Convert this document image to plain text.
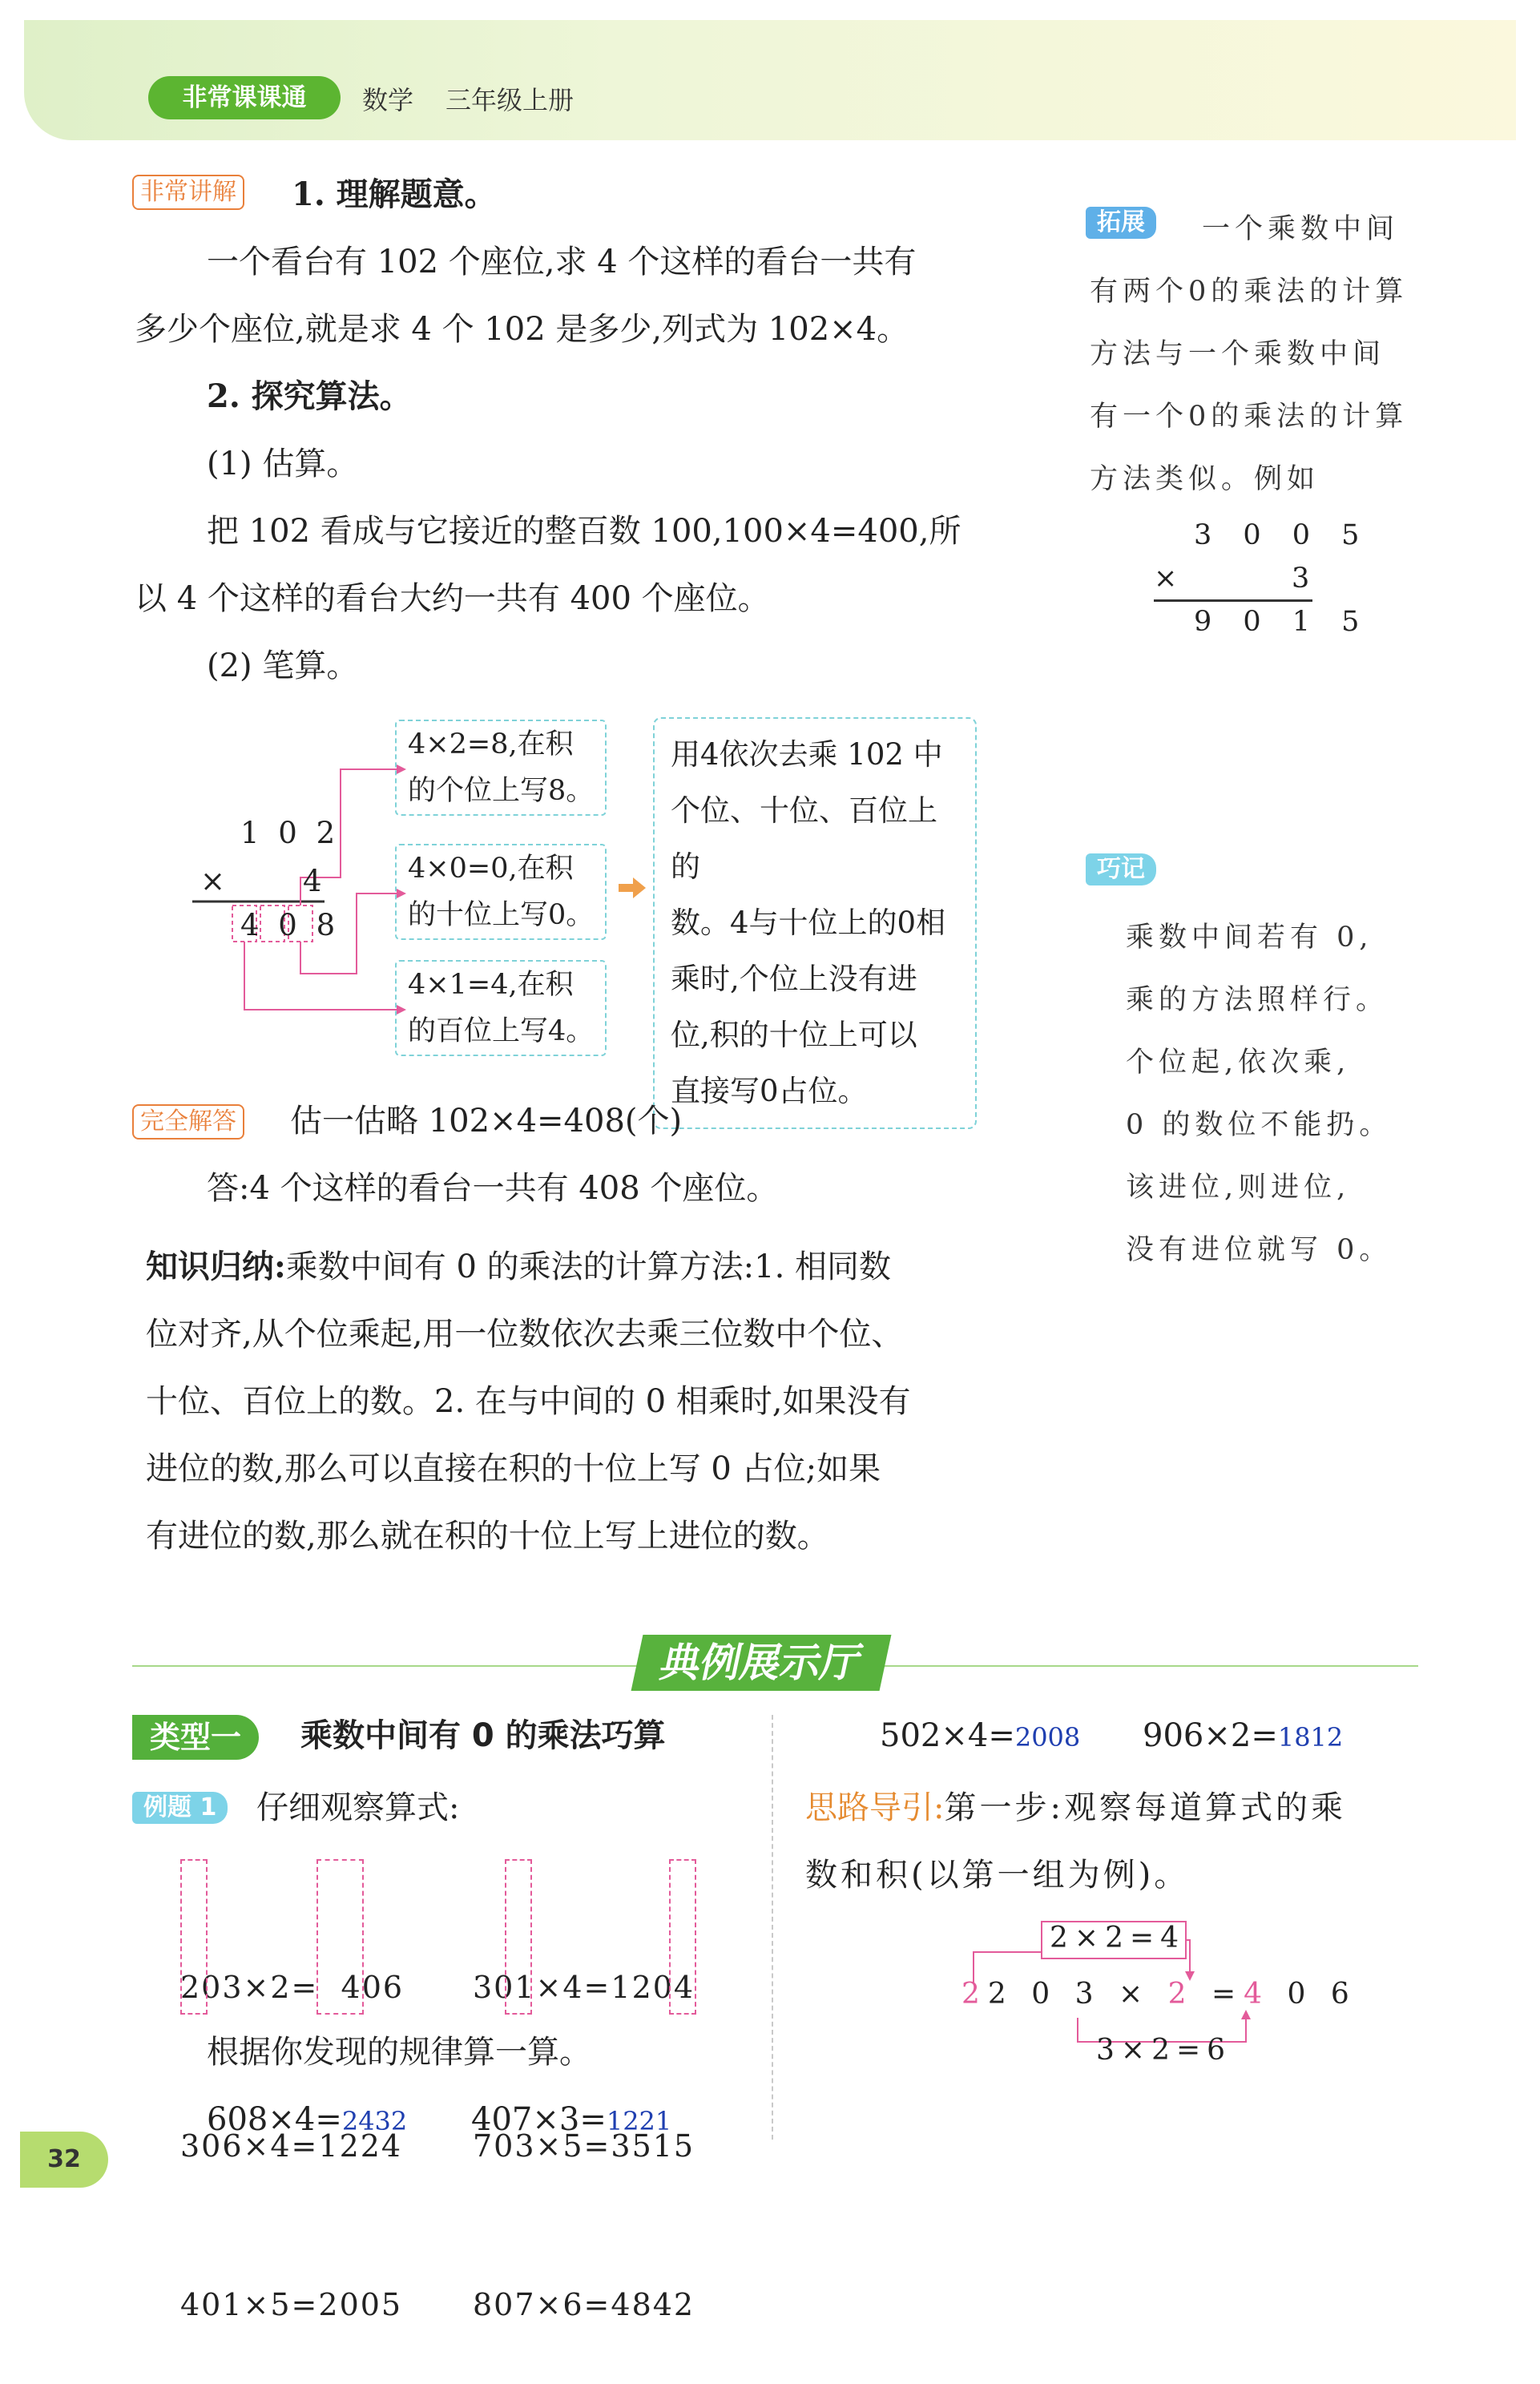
非常课课通	数学 三年级上册
非常讲解 1. 理解题意。
一个看台有 102 个座位,求 4 个这样的看台一共有
多少个座位,就是求 4 个 102 是多少,列式为 102×4。
2. 探究算法。
(1) 估算。
把 102 看成与它接近的整百数 100,100×4=400,所
以 4 个这样的看台大约一共有 400 个座位。
(2) 笔算。
1 0 2
×	4
4 0 8
4×2=8,在积
的个位上写8。
4×0=0,在积
的十位上写0。
4×1=4,在积
的百位上写4。
用4依次去乘 102 中
个位、十位、百位上的
数。4与十位上的0相
乘时,个位上没有进
位,积的十位上可以
直接写0占位。
完全解答 估一估略 102×4=408(个)
答:4 个这样的看台一共有 408 个座位。
知识归纳:乘数中间有 0 的乘法的计算方法:1. 相同数
位对齐,从个位乘起,用一位数依次去乘三位数中个位、
十位、百位上的数。2. 在与中间的 0 相乘时,如果没有
进位的数,那么可以直接在积的十位上写 0 占位;如果
有进位的数,那么就在积的十位上写上进位的数。
拓展	一个乘数中间
有两个0的乘法的计算
方法与一个乘数中间
有一个0的乘法的计算
方法类似。例如
3 0 0 5
×	3
9 0 1 5
巧记
乘数中间若有 0,
乘的方法照样行。
个位起,依次乘,
0 的数位不能扔。
该进位,则进位,
没有进位就写 0。
典例展示厅
类型一	乘数中间有 0 的乘法巧算
例题 1	仔细观察算式:

203×2=  406

306×4=1224

401×5=2005

301×4=1204

703×5=3515

807×6=4842

根据你发现的规律算一算。
608×4=2432 407×3=1221
502×4=2008 906×2=1812
思路导引:第一步:观察每道算式的乘
数和积(以第一组为例)。
2×2=4
22 0 3 × 2 =4 0 6
3×2=6
32
